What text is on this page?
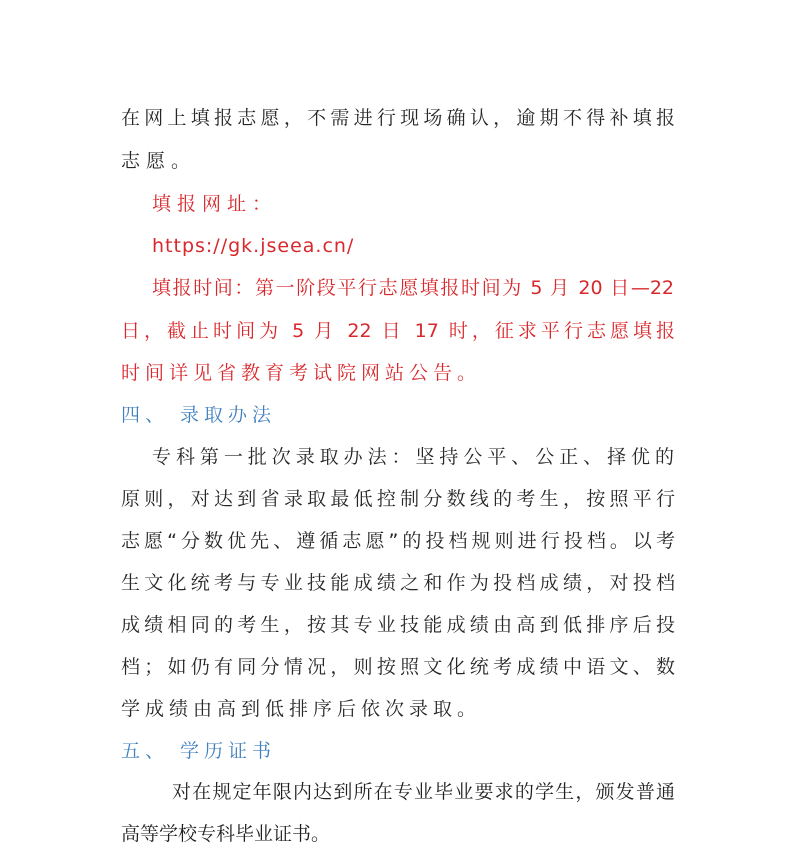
在网上填报志愿，不需进行现场确认，逾期不得补填报
志愿。
填报网址：
https://gk.jseea.cn/
填报时间：第一阶段平行志愿填报时间为 5 月 20 日—22
日，截止时间为 5 月 22 日 17 时，征求平行志愿填报
时间详见省教育考试院网站公告。
四、 录取办法
专科第一批次录取办法：坚持公平、公正、择优的
原则，对达到省录取最低控制分数线的考生，按照平行
志愿“分数优先、遵循志愿”的投档规则进行投档。以考
生文化统考与专业技能成绩之和作为投档成绩，对投档
成绩相同的考生，按其专业技能成绩由高到低排序后投
档；如仍有同分情况，则按照文化统考成绩中语文、数
学成绩由高到低排序后依次录取。
五、 学历证书
对在规定年限内达到所在专业毕业要求的学生，颁发普通
高等学校专科毕业证书。
